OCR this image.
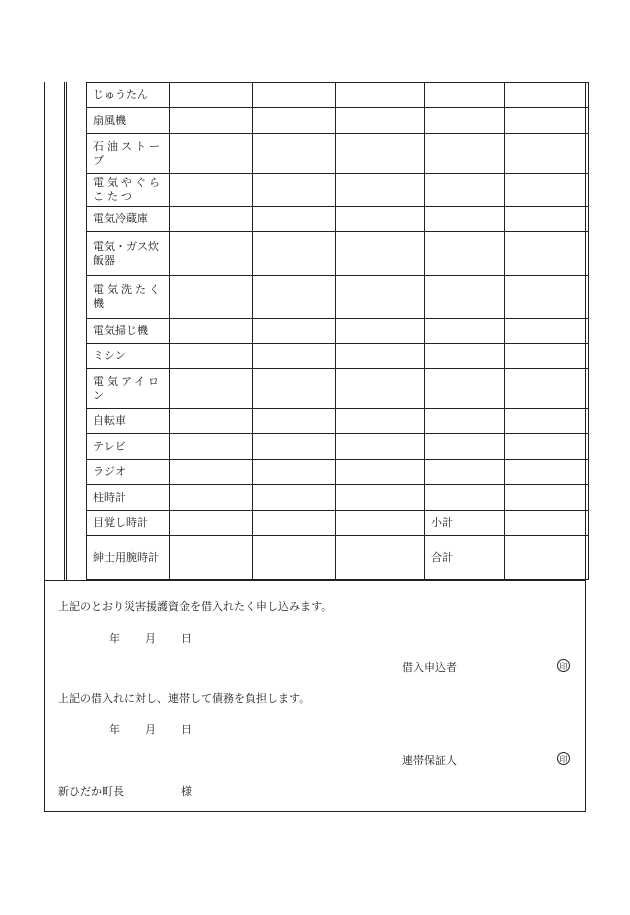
じゅうたん					
扇風機					
石油ストーブ					
電気やぐらこたつ					
電気冷蔵庫					
電気・ガス炊飯器					
電気洗たく機					
電気掃じ機					
ミシン					
電気アイロン					
自転車					
テレビ					
ラジオ					
柱時計					
目覚し時計				小計	
紳士用腕時計				合計	
上記のとおり災害援護資金を借入れたく申し込みます。
年 月 日
借入申込者	印
上記の借入れに対し、連帯して債務を負担します。
年 月 日
連帯保証人	印
新ひだか町長	様
